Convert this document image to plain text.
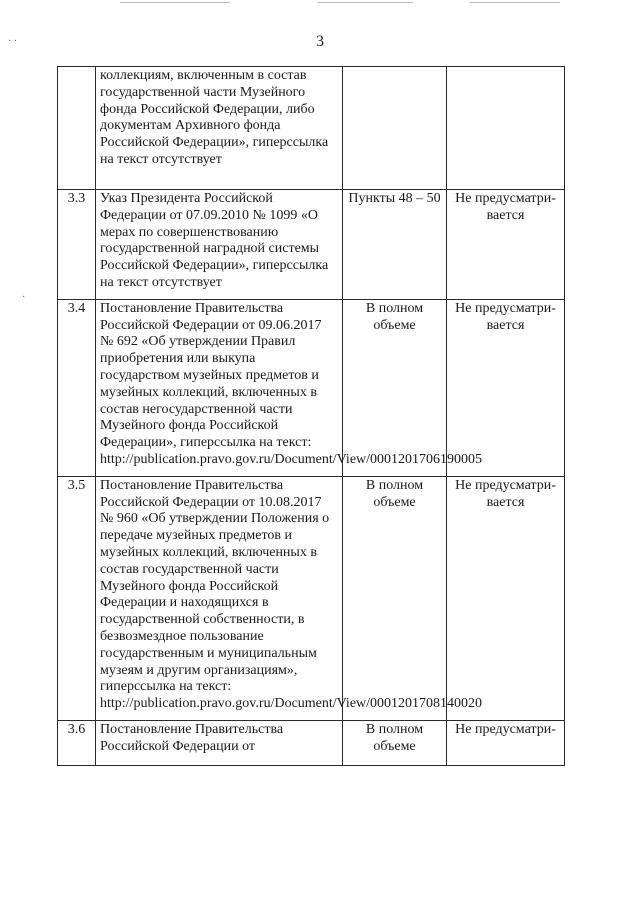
· ·
·
3
	коллекциям, включенным в состав государственной части Музейного фонда Российской Федерации, либо документам Архивного фонда Российской Федерации», гиперссылка на текст отсутствует		
3.3	Указ Президента Российской Федерации от 07.09.2010 № 1099 «О мерах по совершенствованию государственной наградной системы Российской Федерации», гиперссылка на текст отсутствует	Пункты 48 – 50	Не предусматри-вается
3.4	Постановление Правительства Российской Федерации от 09.06.2017 № 692 «Об утверждении Правил приобретения или выкупа государством музейных предметов и музейных коллекций, включенных в состав негосударственной части Музейного фонда Российской Федерации», гиперссылка на текст: http://publication.pravo.gov.ru/Document/View/0001201706190005	В полном объеме	Не предусматри-вается
3.5	Постановление Правительства Российской Федерации от 10.08.2017 № 960 «Об утверждении Положения о передаче музейных предметов и музейных коллекций, включенных в состав государственной части Музейного фонда Российской Федерации и находящихся в государственной собственности, в безвозмездное пользование государственным и муниципальным музеям и другим организациям», гиперссылка на текст: http://publication.pravo.gov.ru/Document/View/0001201708140020	В полном объеме	Не предусматри-вается
3.6	Постановление Правительства Российской Федерации от	В полном объеме	Не предусматри-
